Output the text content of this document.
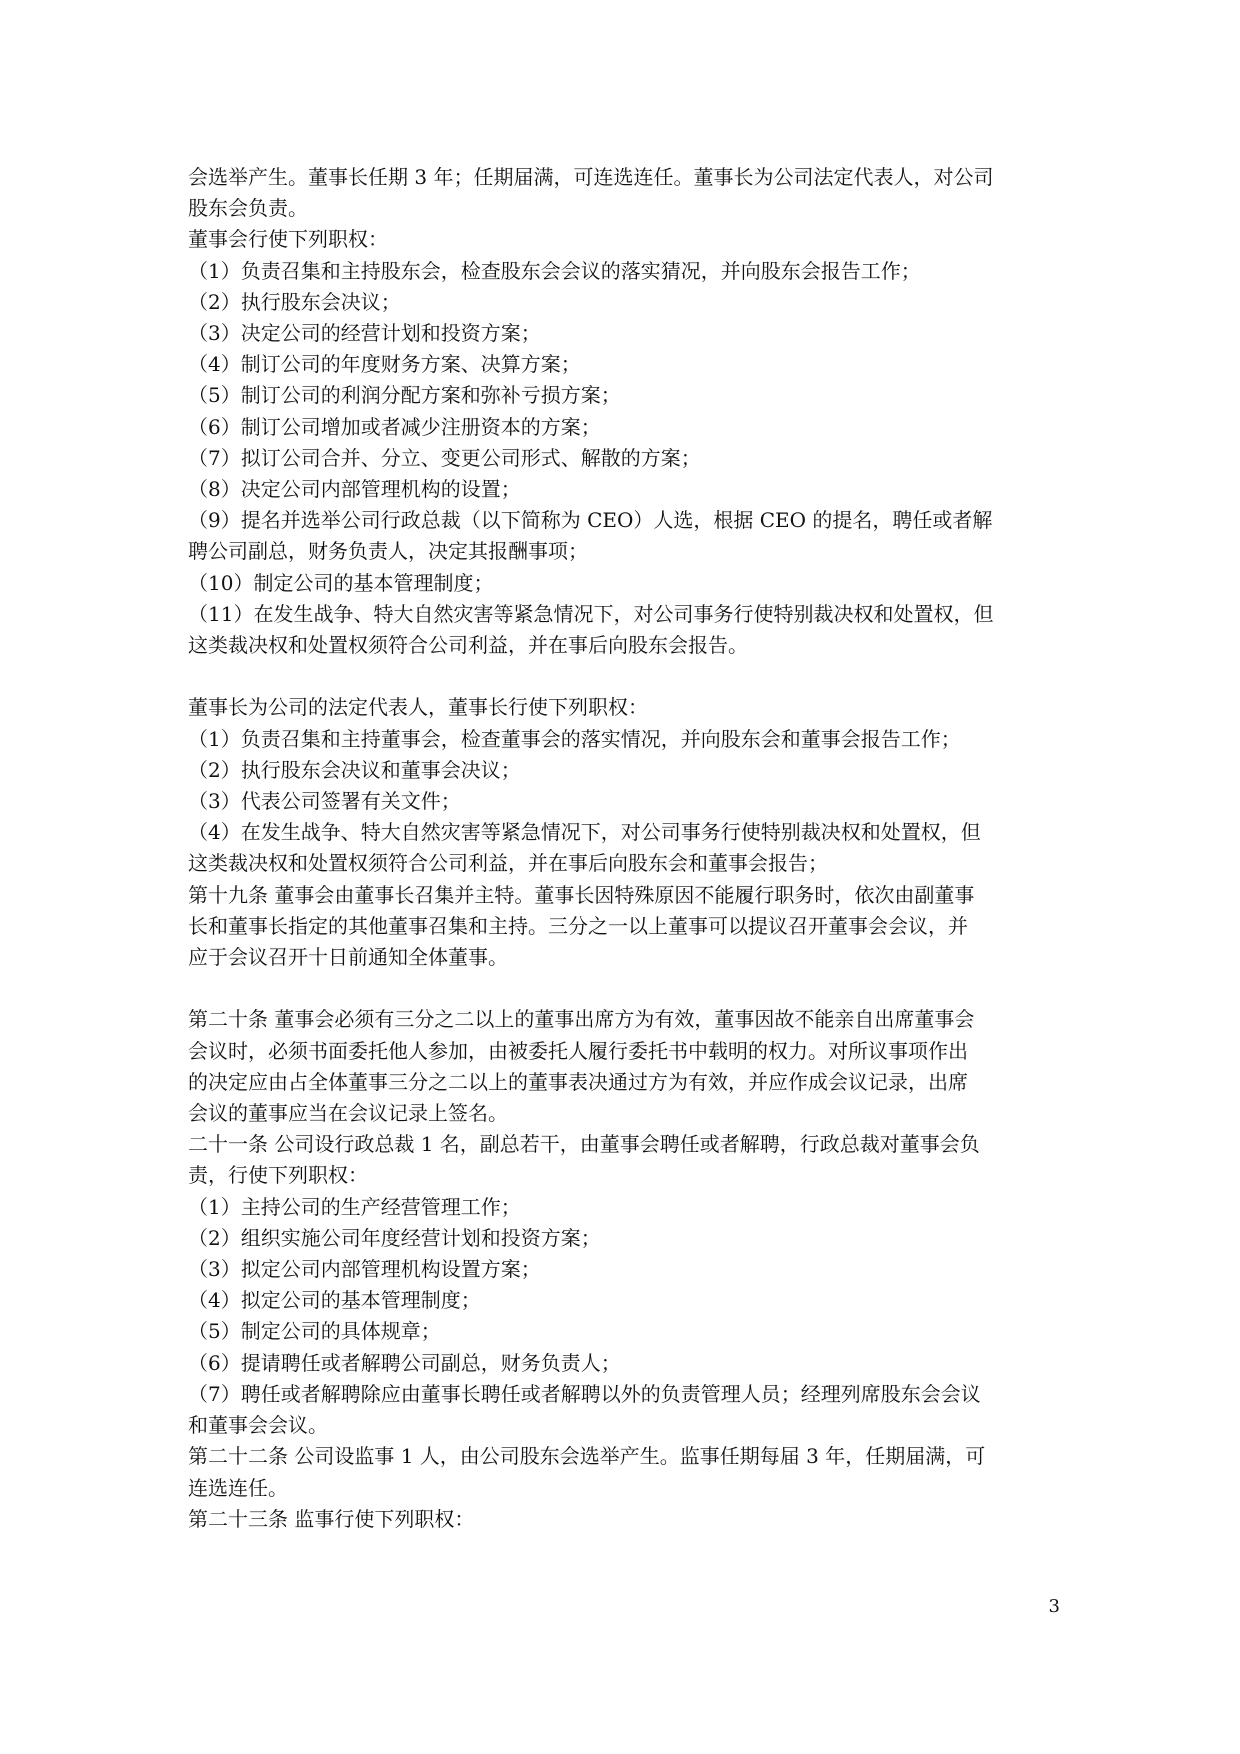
会选举产生。董事长任期 3 年；任期届满，可连选连任。董事长为公司法定代表人，对公司
股东会负责。
董事会行使下列职权：
（1）负责召集和主持股东会，检查股东会会议的落实猜况，并向股东会报告工作；
（2）执行股东会决议；
（3）决定公司的经营计划和投资方案；
（4）制订公司的年度财务方案、决算方案；
（5）制订公司的利润分配方案和弥补亏损方案；
（6）制订公司增加或者减少注册资本的方案；
（7）拟订公司合并、分立、变更公司形式、解散的方案；
（8）决定公司内部管理机构的设置；
（9）提名并选举公司行政总裁（以下简称为 CEO）人选，根据 CEO 的提名，聘任或者解
聘公司副总，财务负责人，决定其报酬事项；
（10）制定公司的基本管理制度；
（11）在发生战争、特大自然灾害等紧急情况下，对公司事务行使特别裁决权和处置权，但
这类裁决权和处置权须符合公司利益，并在事后向股东会报告。
董事长为公司的法定代表人，董事长行使下列职权：
（1）负责召集和主持董事会，检查董事会的落实情况，并向股东会和董事会报告工作；
（2）执行股东会决议和董事会决议；
（3）代表公司签署有关文件；
（4）在发生战争、特大自然灾害等紧急情况下，对公司事务行使特别裁决权和处置权，但
这类裁决权和处置权须符合公司利益，并在事后向股东会和董事会报告；
第十九条 董事会由董事长召集并主特。董事长因特殊原因不能履行职务时，依次由副董事
长和董事长指定的其他董事召集和主持。三分之一以上董事可以提议召开董事会会议，并
应于会议召开十日前通知全体董事。
第二十条 董事会必须有三分之二以上的董事出席方为有效，董事因故不能亲自出席董事会
会议时，必须书面委托他人参加，由被委托人履行委托书中载明的权力。对所议事项作出
的决定应由占全体董事三分之二以上的董事表决通过方为有效，并应作成会议记录，出席
会议的董事应当在会议记录上签名。
二十一条 公司设行政总裁 1 名，副总若干，由董事会聘任或者解聘，行政总裁对董事会负
责，行使下列职权：
（1）主持公司的生产经营管理工作；
（2）组织实施公司年度经营计划和投资方案；
（3）拟定公司内部管理机构设置方案；
（4）拟定公司的基本管理制度；
（5）制定公司的具体规章；
（6）提请聘任或者解聘公司副总，财务负责人；
（7）聘任或者解聘除应由董事长聘任或者解聘以外的负责管理人员；经理列席股东会会议
和董事会会议。
第二十二条 公司设监事 1 人，由公司股东会选举产生。监事任期每届 3 年，任期届满，可
连选连任。
第二十三条 监事行使下列职权：
3
